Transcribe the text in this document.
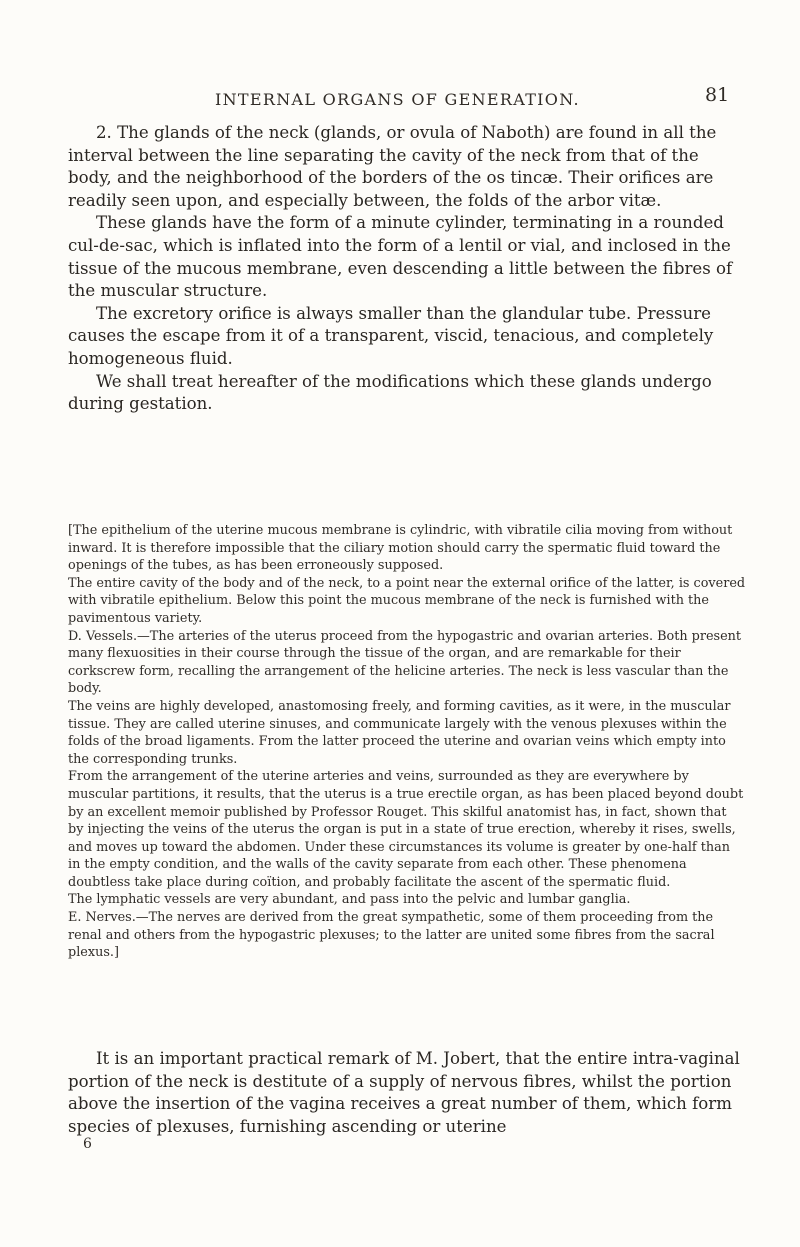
INTERNAL ORGANS OF GENERATION.	81

2. The glands of the neck (glands, or ovula of Naboth) are found in all the interval between the line separating the cavity of the neck from that of the body, and the neighborhood of the borders of the os tincæ. Their orifices are readily seen upon, and especially between, the folds of the arbor vitæ.

These glands have the form of a minute cylinder, terminating in a rounded cul-de-sac, which is inflated into the form of a lentil or vial, and inclosed in the tissue of the mucous membrane, even descending a little between the fibres of the muscular structure.

The excretory orifice is always smaller than the glandular tube. Pressure causes the escape from it of a transparent, viscid, tenacious, and completely homogeneous fluid.

We shall treat hereafter of the modifications which these glands undergo during gestation.

[The epithelium of the uterine mucous membrane is cylindric, with vibratile cilia moving from without inward. It is therefore impossible that the ciliary motion should carry the spermatic fluid toward the openings of the tubes, as has been erroneously supposed.

The entire cavity of the body and of the neck, to a point near the external orifice of the latter, is covered with vibratile epithelium. Below this point the mucous membrane of the neck is furnished with the pavimentous variety.

D. Vessels.—The arteries of the uterus proceed from the hypogastric and ovarian arteries. Both present many flexuosities in their course through the tissue of the organ, and are remarkable for their corkscrew form, recalling the arrangement of the helicine arteries. The neck is less vascular than the body.

The veins are highly developed, anastomosing freely, and forming cavities, as it were, in the muscular tissue. They are called uterine sinuses, and communicate largely with the venous plexuses within the folds of the broad ligaments. From the latter proceed the uterine and ovarian veins which empty into the corresponding trunks.

From the arrangement of the uterine arteries and veins, surrounded as they are everywhere by muscular partitions, it results, that the uterus is a true erectile organ, as has been placed beyond doubt by an excellent memoir published by Professor Rouget. This skilful anatomist has, in fact, shown that by injecting the veins of the uterus the organ is put in a state of true erection, whereby it rises, swells, and moves up toward the abdomen. Under these circumstances its volume is greater by one-half than in the empty condition, and the walls of the cavity separate from each other. These phenomena doubtless take place during coïtion, and probably facilitate the ascent of the spermatic fluid.

The lymphatic vessels are very abundant, and pass into the pelvic and lumbar ganglia.

E. Nerves.—The nerves are derived from the great sympathetic, some of them proceeding from the renal and others from the hypogastric plexuses; to the latter are united some fibres from the sacral plexus.]

It is an important practical remark of M. Jobert, that the entire intra-vaginal portion of the neck is destitute of a supply of nervous fibres, whilst the portion above the insertion of the vagina receives a great number of them, which form species of plexuses, furnishing ascending or uterine

6
